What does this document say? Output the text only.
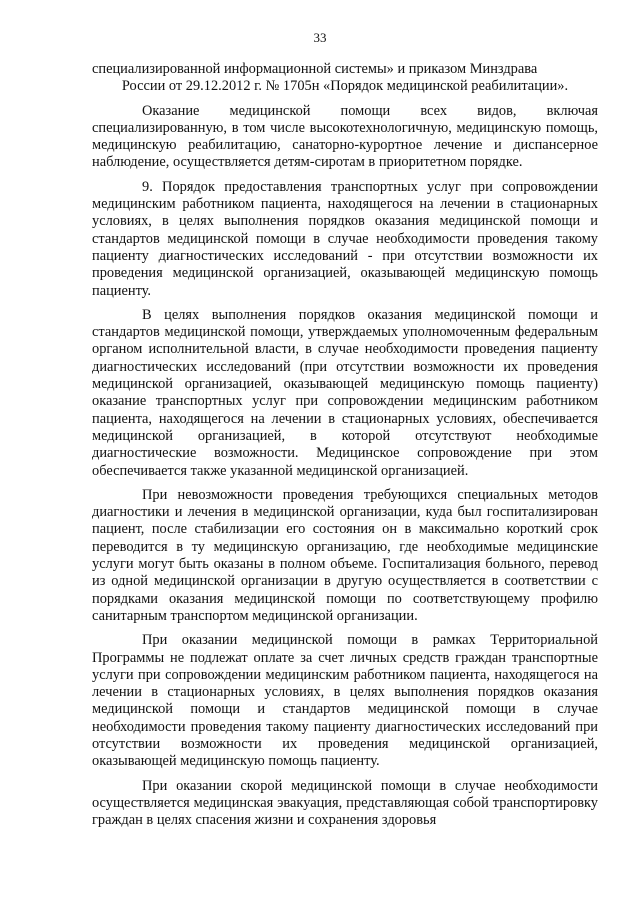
33

специализированной информационной системы» и приказом Минздрава

России от 29.12.2012 г. № 1705н «Порядок медицинской реабилитации».

Оказание медицинской помощи всех видов, включая специализированную, в том числе высокотехнологичную, медицинскую помощь, медицинскую реабилитацию, санаторно-курортное лечение и диспансерное наблюдение, осуществляется детям-сиротам в приоритетном порядке.

9. Порядок предоставления транспортных услуг при сопровождении медицинским работником пациента, находящегося на лечении в стационарных условиях, в целях выполнения порядков оказания медицинской помощи и стандартов медицинской помощи в случае необходимости проведения такому пациенту диагностических исследований - при отсутствии возможности их проведения медицинской организацией, оказывающей медицинскую помощь пациенту.

В целях выполнения порядков оказания медицинской помощи и стандартов медицинской помощи, утверждаемых уполномоченным федеральным органом исполнительной власти, в случае необходимости проведения пациенту диагностических исследований (при отсутствии возможности их проведения медицинской организацией, оказывающей медицинскую помощь пациенту) оказание транспортных услуг при сопровождении медицинским работником пациента, находящегося на лечении в стационарных условиях, обеспечивается медицинской организацией, в которой отсутствуют необходимые диагностические возможности. Медицинское сопровождение при этом обеспечивается также указанной медицинской организацией.

При невозможности проведения требующихся специальных методов диагностики и лечения в медицинской организации, куда был госпитализирован пациент, после стабилизации его состояния он в максимально короткий срок переводится в ту медицинскую организацию, где необходимые медицинские услуги могут быть оказаны в полном объеме. Госпитализация больного, перевод из одной медицинской организации в другую осуществляется в соответствии с порядками оказания медицинской помощи по соответствующему профилю санитарным транспортом медицинской организации.

При оказании медицинской помощи в рамках Территориальной Программы не подлежат оплате за счет личных средств граждан транспортные услуги при сопровождении медицинским работником пациента, находящегося на лечении в стационарных условиях, в целях выполнения порядков оказания медицинской помощи и стандартов медицинской помощи в случае необходимости проведения такому пациенту диагностических исследований при отсутствии возможности их проведения медицинской организацией, оказывающей медицинскую помощь пациенту.

При оказании скорой медицинской помощи в случае необходимости осуществляется медицинская эвакуация, представляющая собой транспортировку граждан в целях спасения жизни и сохранения здоровья
